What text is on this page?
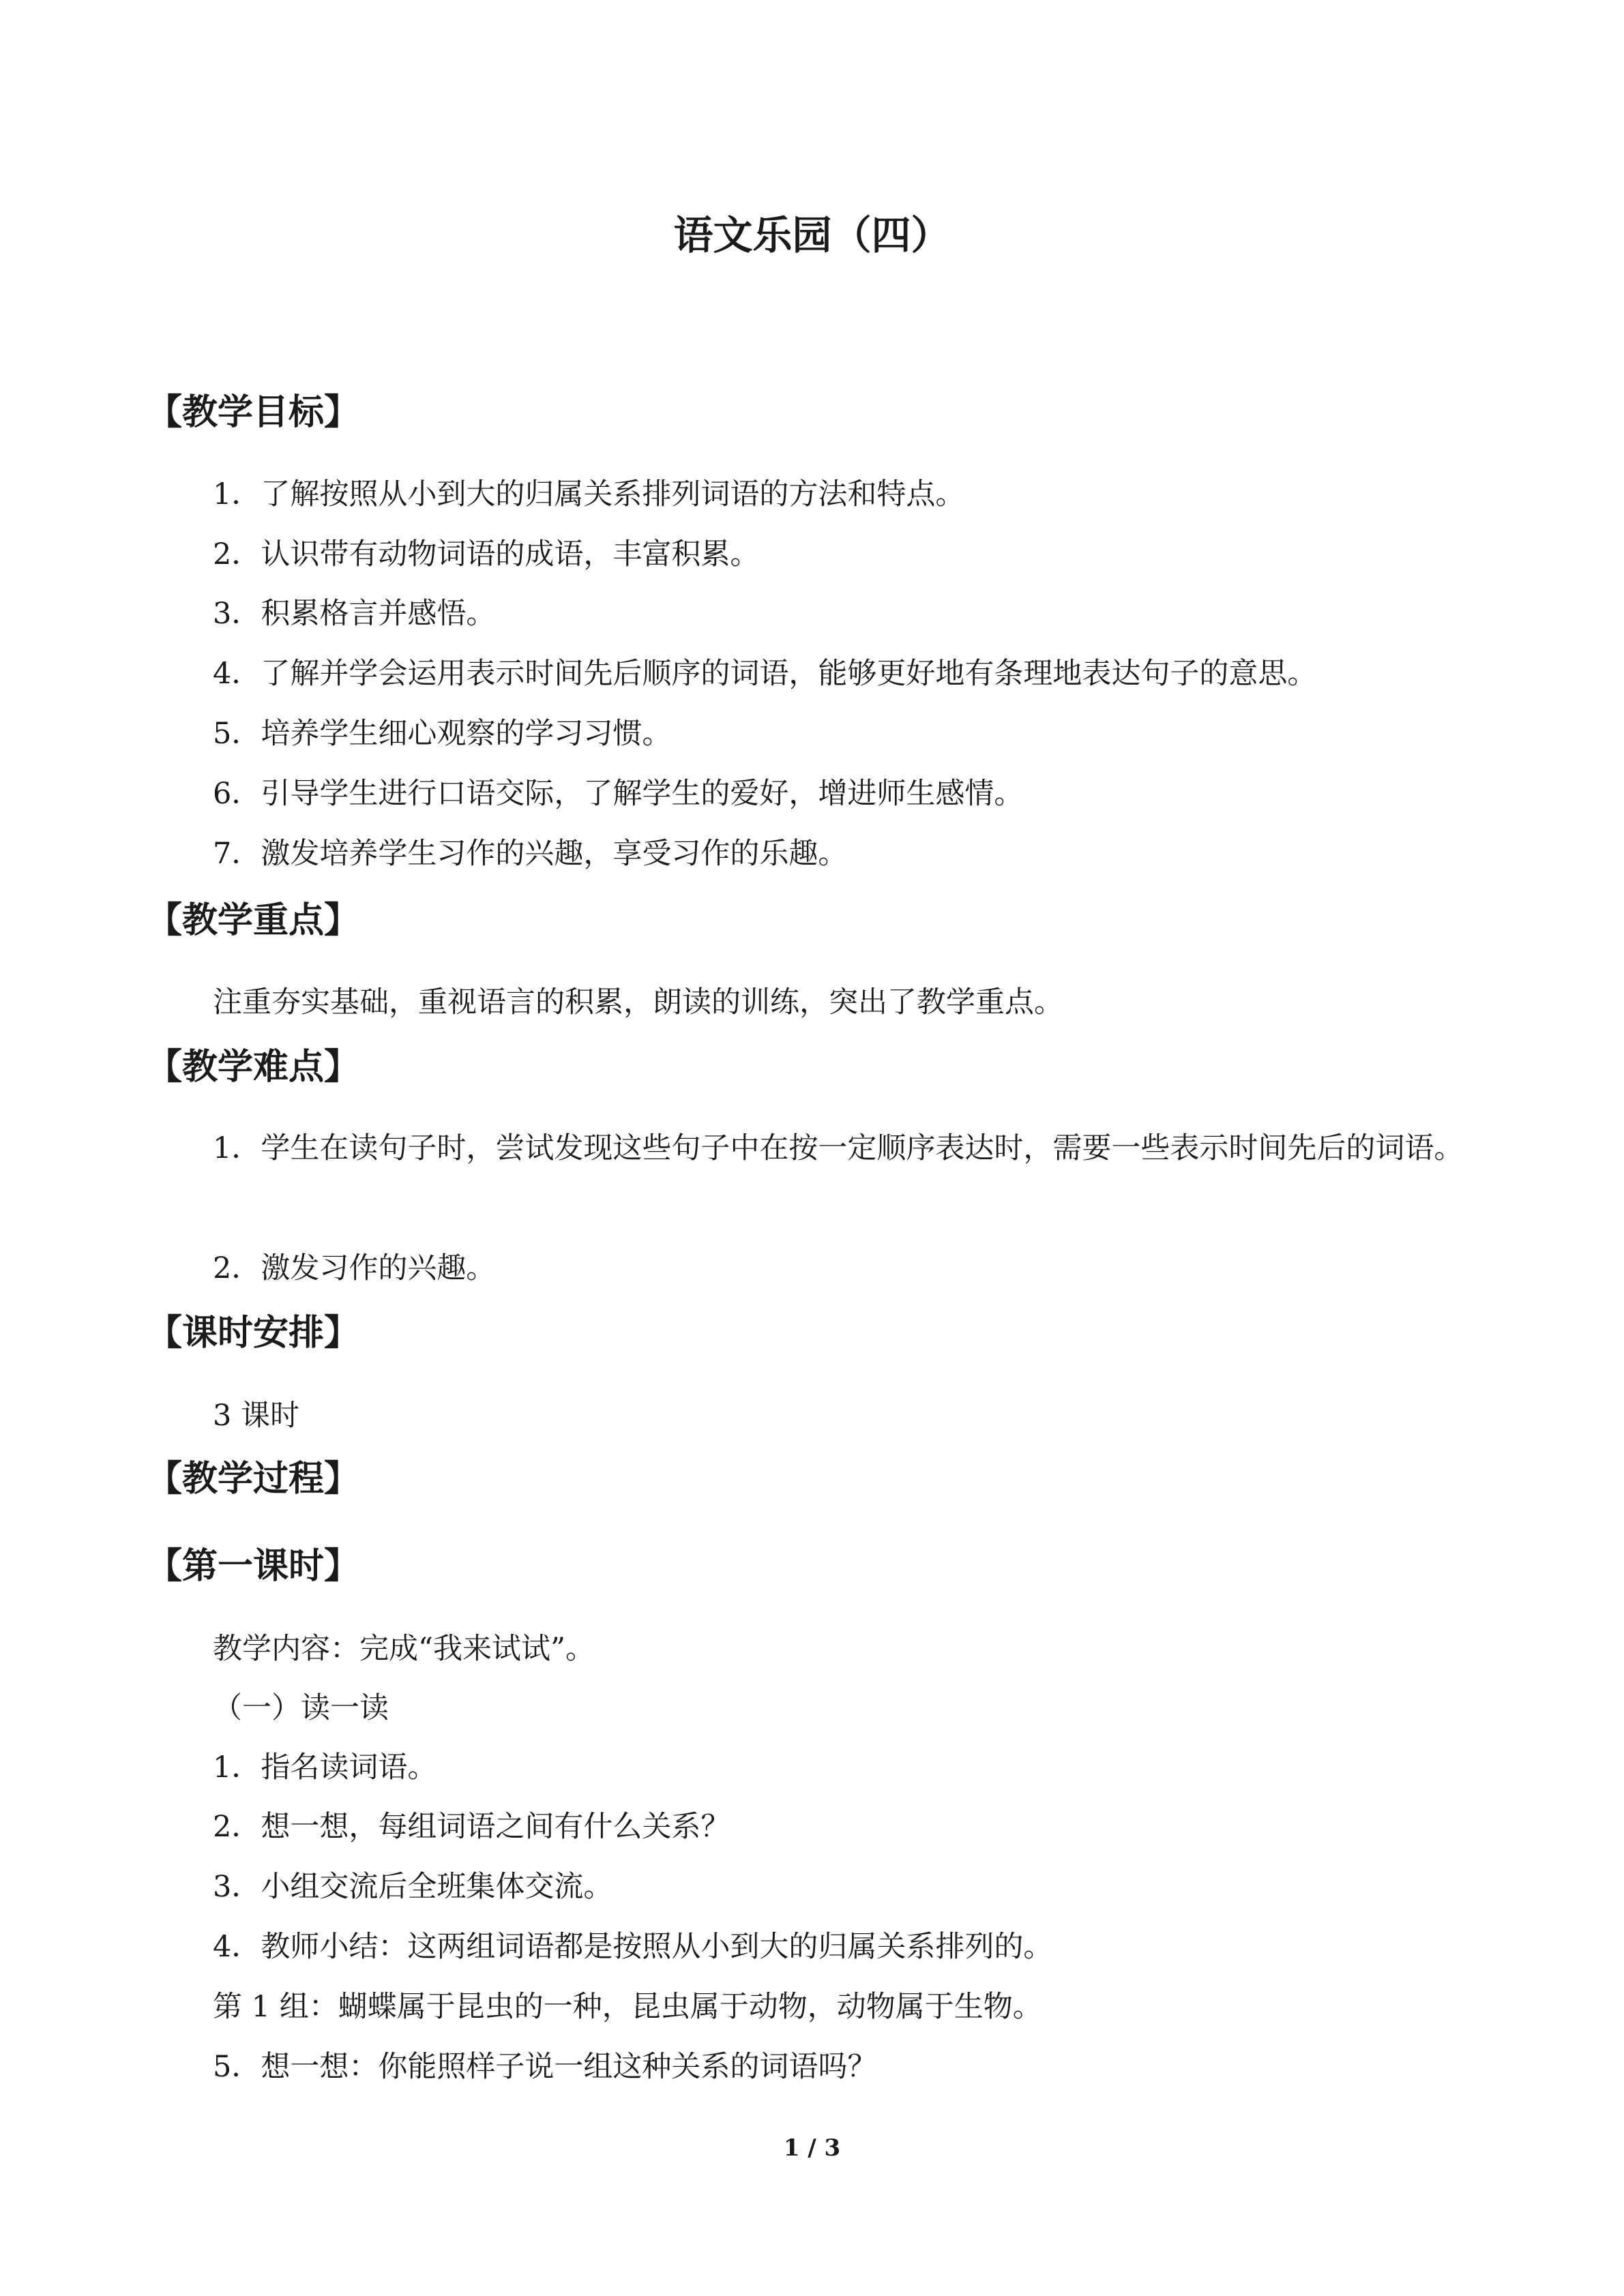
语文乐园（四）
【教学目标】

1．了解按照从小到大的归属关系排列词语的方法和特点。

2．认识带有动物词语的成语，丰富积累。

3．积累格言并感悟。

4．了解并学会运用表示时间先后顺序的词语，能够更好地有条理地表达句子的意思。

5．培养学生细心观察的学习习惯。

6．引导学生进行口语交际，了解学生的爱好，增进师生感情。

7．激发培养学生习作的兴趣，享受习作的乐趣。

【教学重点】

注重夯实基础，重视语言的积累，朗读的训练，突出了教学重点。

【教学难点】

1．学生在读句子时，尝试发现这些句子中在按一定顺序表达时，需要一些表示时间先后的词语。

2．激发习作的兴趣。

【课时安排】

3 课时

【教学过程】
【第一课时】

教学内容：完成“我来试试”。

（一）读一读

1．指名读词语。

2．想一想，每组词语之间有什么关系？

3．小组交流后全班集体交流。

4．教师小结：这两组词语都是按照从小到大的归属关系排列的。

第 1 组：蝴蝶属于昆虫的一种，昆虫属于动物，动物属于生物。

5．想一想：你能照样子说一组这种关系的词语吗？

1 / 3
